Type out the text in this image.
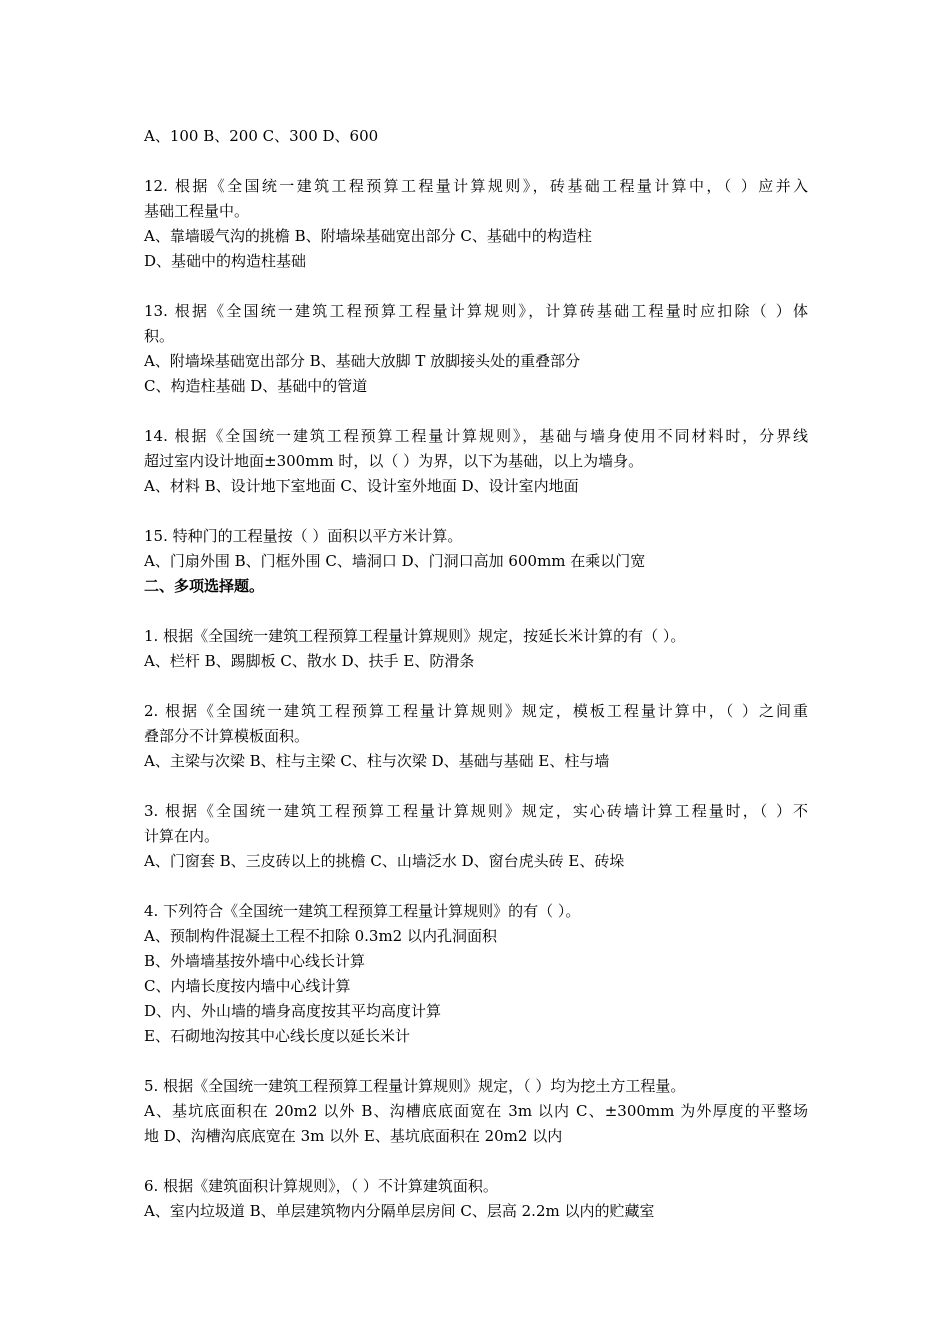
A、100 B、200 C、300 D、600
12. 根据《全国统一建筑工程预算工程量计算规则》，砖基础工程量计算中，（ ）应并入
基础工程量中。
A、靠墙暖气沟的挑檐 B、附墙垛基础宽出部分 C、基础中的构造柱
D、基础中的构造柱基础
13. 根据《全国统一建筑工程预算工程量计算规则》，计算砖基础工程量时应扣除（ ）体
积。
A、附墙垛基础宽出部分 B、基础大放脚 T 放脚接头处的重叠部分
C、构造柱基础 D、基础中的管道
14. 根据《全国统一建筑工程预算工程量计算规则》，基础与墙身使用不同材料时，分界线
超过室内设计地面±300mm 时，以（ ）为界，以下为基础，以上为墙身。
A、材料 B、设计地下室地面 C、设计室外地面 D、设计室内地面
15. 特种门的工程量按（ ）面积以平方米计算。
A、门扇外围 B、门框外围 C、墙洞口 D、门洞口高加 600mm 在乘以门宽
二、多项选择题。
1. 根据《全国统一建筑工程预算工程量计算规则》规定，按延长米计算的有（ ）。
A、栏杆 B、踢脚板 C、散水 D、扶手 E、防滑条
2. 根据《全国统一建筑工程预算工程量计算规则》规定，模板工程量计算中，（ ）之间重
叠部分不计算模板面积。
A、主梁与次梁 B、柱与主梁 C、柱与次梁 D、基础与基础 E、柱与墙
3. 根据《全国统一建筑工程预算工程量计算规则》规定，实心砖墙计算工程量时，（ ）不
计算在内。
A、门窗套 B、三皮砖以上的挑檐 C、山墙泛水 D、窗台虎头砖 E、砖垛
4. 下列符合《全国统一建筑工程预算工程量计算规则》的有（ ）。
A、预制构件混凝土工程不扣除 0.3m2 以内孔洞面积
B、外墙墙基按外墙中心线长计算
C、内墙长度按内墙中心线计算
D、内、外山墙的墙身高度按其平均高度计算
E、石砌地沟按其中心线长度以延长米计
5. 根据《全国统一建筑工程预算工程量计算规则》规定，（ ）均为挖土方工程量。
A、基坑底面积在 20m2 以外 B、沟槽底底面宽在 3m 以内 C、±300mm 为外厚度的平整场
地 D、沟槽沟底底宽在 3m 以外 E、基坑底面积在 20m2 以内
6. 根据《建筑面积计算规则》，（ ）不计算建筑面积。
A、室内垃圾道 B、单层建筑物内分隔单层房间 C、层高 2.2m 以内的贮藏室
